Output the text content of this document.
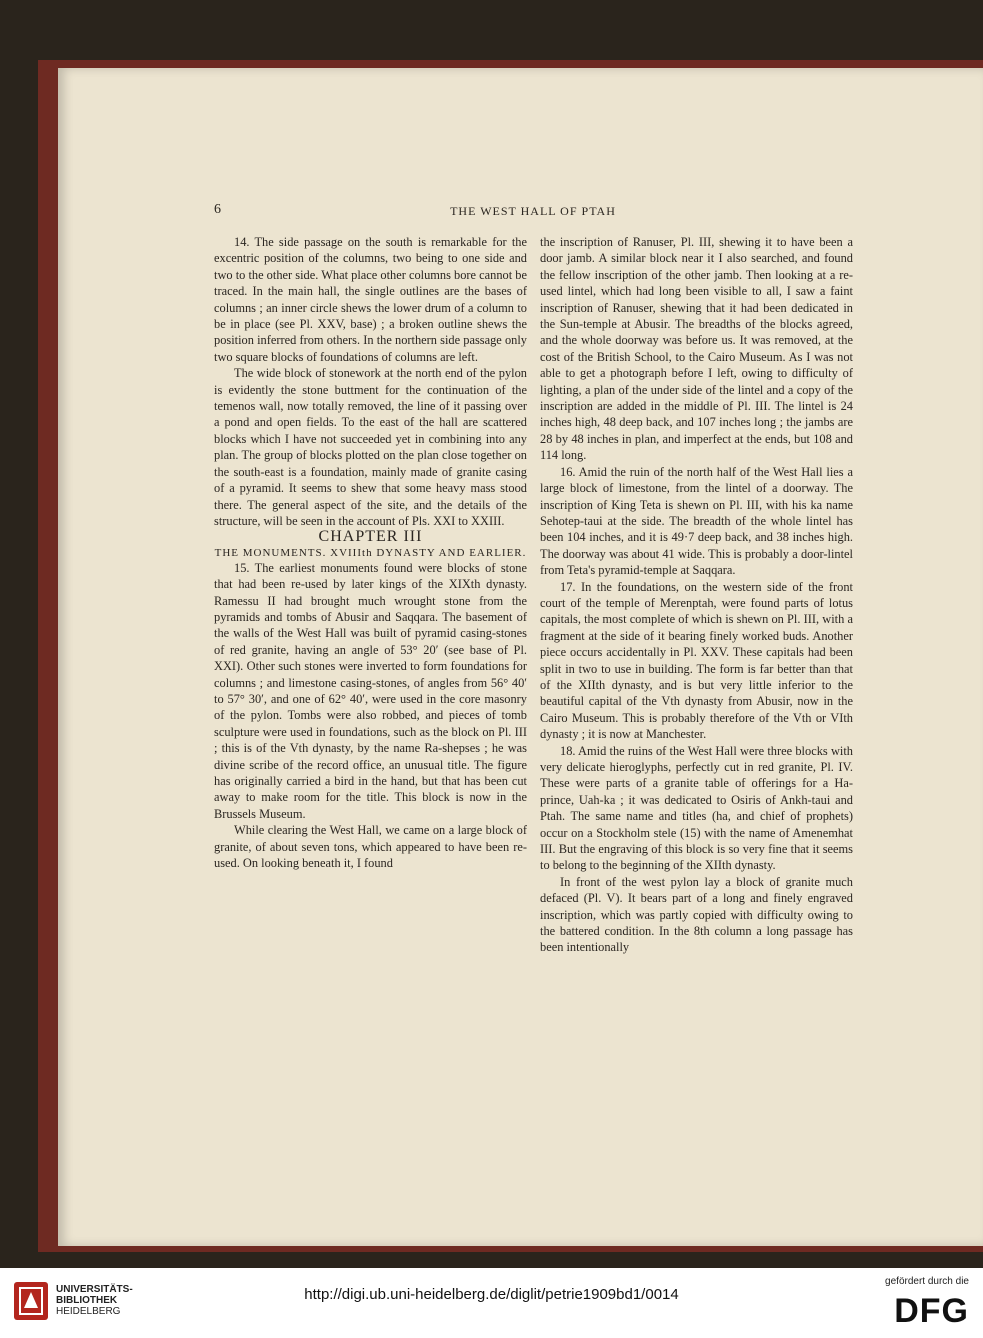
6	THE WEST HALL OF PTAH

14. The side passage on the south is remarkable for the excentric position of the columns, two being to one side and two to the other side. What place other columns bore cannot be traced. In the main hall, the single outlines are the bases of columns ; an inner circle shews the lower drum of a column to be in place (see Pl. XXV, base) ; a broken outline shews the position inferred from others. In the northern side passage only two square blocks of foundations of columns are left.

The wide block of stonework at the north end of the pylon is evidently the stone buttment for the continuation of the temenos wall, now totally removed, the line of it passing over a pond and open fields. To the east of the hall are scattered blocks which I have not succeeded yet in combining into any plan. The group of blocks plotted on the plan close together on the south-east is a foundation, mainly made of granite casing of a pyramid. It seems to shew that some heavy mass stood there. The general aspect of the site, and the details of the structure, will be seen in the account of Pls. XXI to XXIII.

CHAPTER III

THE MONUMENTS. XVIIIth DYNASTY AND EARLIER.

15. The earliest monuments found were blocks of stone that had been re-used by later kings of the XIXth dynasty. Ramessu II had brought much wrought stone from the pyramids and tombs of Abusir and Saqqara. The basement of the walls of the West Hall was built of pyramid casing-stones of red granite, having an angle of 53° 20′ (see base of Pl. XXI). Other such stones were inverted to form foundations for columns ; and limestone casing-stones, of angles from 56° 40′ to 57° 30′, and one of 62° 40′, were used in the core masonry of the pylon. Tombs were also robbed, and pieces of tomb sculpture were used in foundations, such as the block on Pl. III ; this is of the Vth dynasty, by the name Ra-shepses ; he was divine scribe of the record office, an unusual title. The figure has originally carried a bird in the hand, but that has been cut away to make room for the title. This block is now in the Brussels Museum.

While clearing the West Hall, we came on a large block of granite, of about seven tons, which appeared to have been re-used. On looking beneath it, I found

the inscription of Ranuser, Pl. III, shewing it to have been a door jamb. A similar block near it I also searched, and found the fellow inscription of the other jamb. Then looking at a re-used lintel, which had long been visible to all, I saw a faint inscription of Ranuser, shewing that it had been dedicated in the Sun-temple at Abusir. The breadths of the blocks agreed, and the whole doorway was before us. It was removed, at the cost of the British School, to the Cairo Museum. As I was not able to get a photograph before I left, owing to difficulty of lighting, a plan of the under side of the lintel and a copy of the inscription are added in the middle of Pl. III. The lintel is 24 inches high, 48 deep back, and 107 inches long ; the jambs are 28 by 48 inches in plan, and imperfect at the ends, but 108 and 114 long.

16. Amid the ruin of the north half of the West Hall lies a large block of limestone, from the lintel of a doorway. The inscription of King Teta is shewn on Pl. III, with his ka name Sehotep-taui at the side. The breadth of the whole lintel has been 104 inches, and it is 49·7 deep back, and 38 inches high. The doorway was about 41 wide. This is probably a door-lintel from Teta's pyramid-temple at Saqqara.

17. In the foundations, on the western side of the front court of the temple of Merenptah, were found parts of lotus capitals, the most complete of which is shewn on Pl. III, with a fragment at the side of it bearing finely worked buds. Another piece occurs accidentally in Pl. XXV. These capitals had been split in two to use in building. The form is far better than that of the XIIth dynasty, and is but very little inferior to the beautiful capital of the Vth dynasty from Abusir, now in the Cairo Museum. This is probably therefore of the Vth or VIth dynasty ; it is now at Manchester.

18. Amid the ruins of the West Hall were three blocks with very delicate hieroglyphs, perfectly cut in red granite, Pl. IV. These were parts of a granite table of offerings for a Ha-prince, Uah-ka ; it was dedicated to Osiris of Ankh-taui and Ptah. The same name and titles (ha, and chief of prophets) occur on a Stockholm stele (15) with the name of Amenemhat III. But the engraving of this block is so very fine that it seems to belong to the beginning of the XIIth dynasty.

In front of the west pylon lay a block of granite much defaced (Pl. V). It bears part of a long and finely engraved inscription, which was partly copied with difficulty owing to the battered condition. In the 8th column a long passage has been intentionally

UNIVERSITÄTS-
BIBLIOTHEK
HEIDELBERG
http://digi.ub.uni-heidelberg.de/diglit/petrie1909bd1/0014
gefördert durch die
DFG
